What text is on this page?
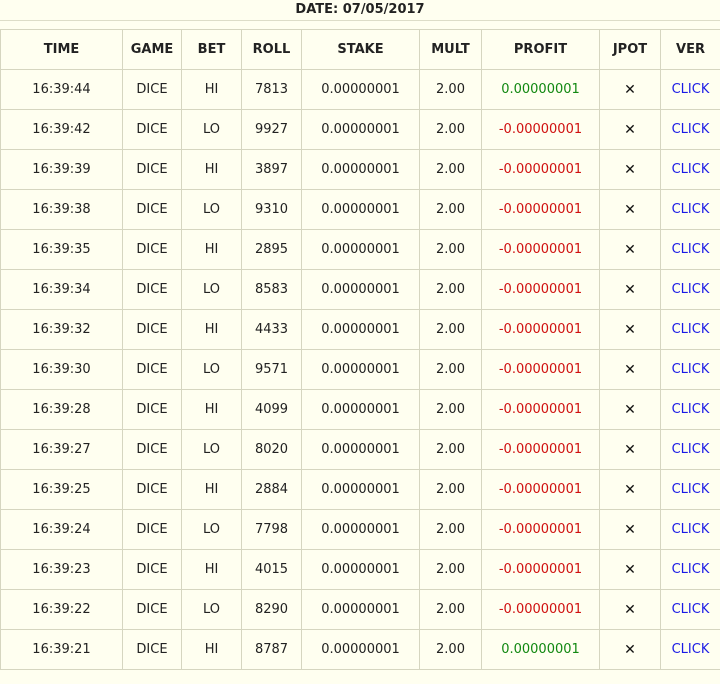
DATE: 07/05/2017
TIME	GAME	BET	ROLL	STAKE	MULT	PROFIT	JPOT	VER
16:39:44	DICE	HI	7813	0.00000001	2.00	0.00000001	✕	CLICK
16:39:42	DICE	LO	9927	0.00000001	2.00	-0.00000001	✕	CLICK
16:39:39	DICE	HI	3897	0.00000001	2.00	-0.00000001	✕	CLICK
16:39:38	DICE	LO	9310	0.00000001	2.00	-0.00000001	✕	CLICK
16:39:35	DICE	HI	2895	0.00000001	2.00	-0.00000001	✕	CLICK
16:39:34	DICE	LO	8583	0.00000001	2.00	-0.00000001	✕	CLICK
16:39:32	DICE	HI	4433	0.00000001	2.00	-0.00000001	✕	CLICK
16:39:30	DICE	LO	9571	0.00000001	2.00	-0.00000001	✕	CLICK
16:39:28	DICE	HI	4099	0.00000001	2.00	-0.00000001	✕	CLICK
16:39:27	DICE	LO	8020	0.00000001	2.00	-0.00000001	✕	CLICK
16:39:25	DICE	HI	2884	0.00000001	2.00	-0.00000001	✕	CLICK
16:39:24	DICE	LO	7798	0.00000001	2.00	-0.00000001	✕	CLICK
16:39:23	DICE	HI	4015	0.00000001	2.00	-0.00000001	✕	CLICK
16:39:22	DICE	LO	8290	0.00000001	2.00	-0.00000001	✕	CLICK
16:39:21	DICE	HI	8787	0.00000001	2.00	0.00000001	✕	CLICK
